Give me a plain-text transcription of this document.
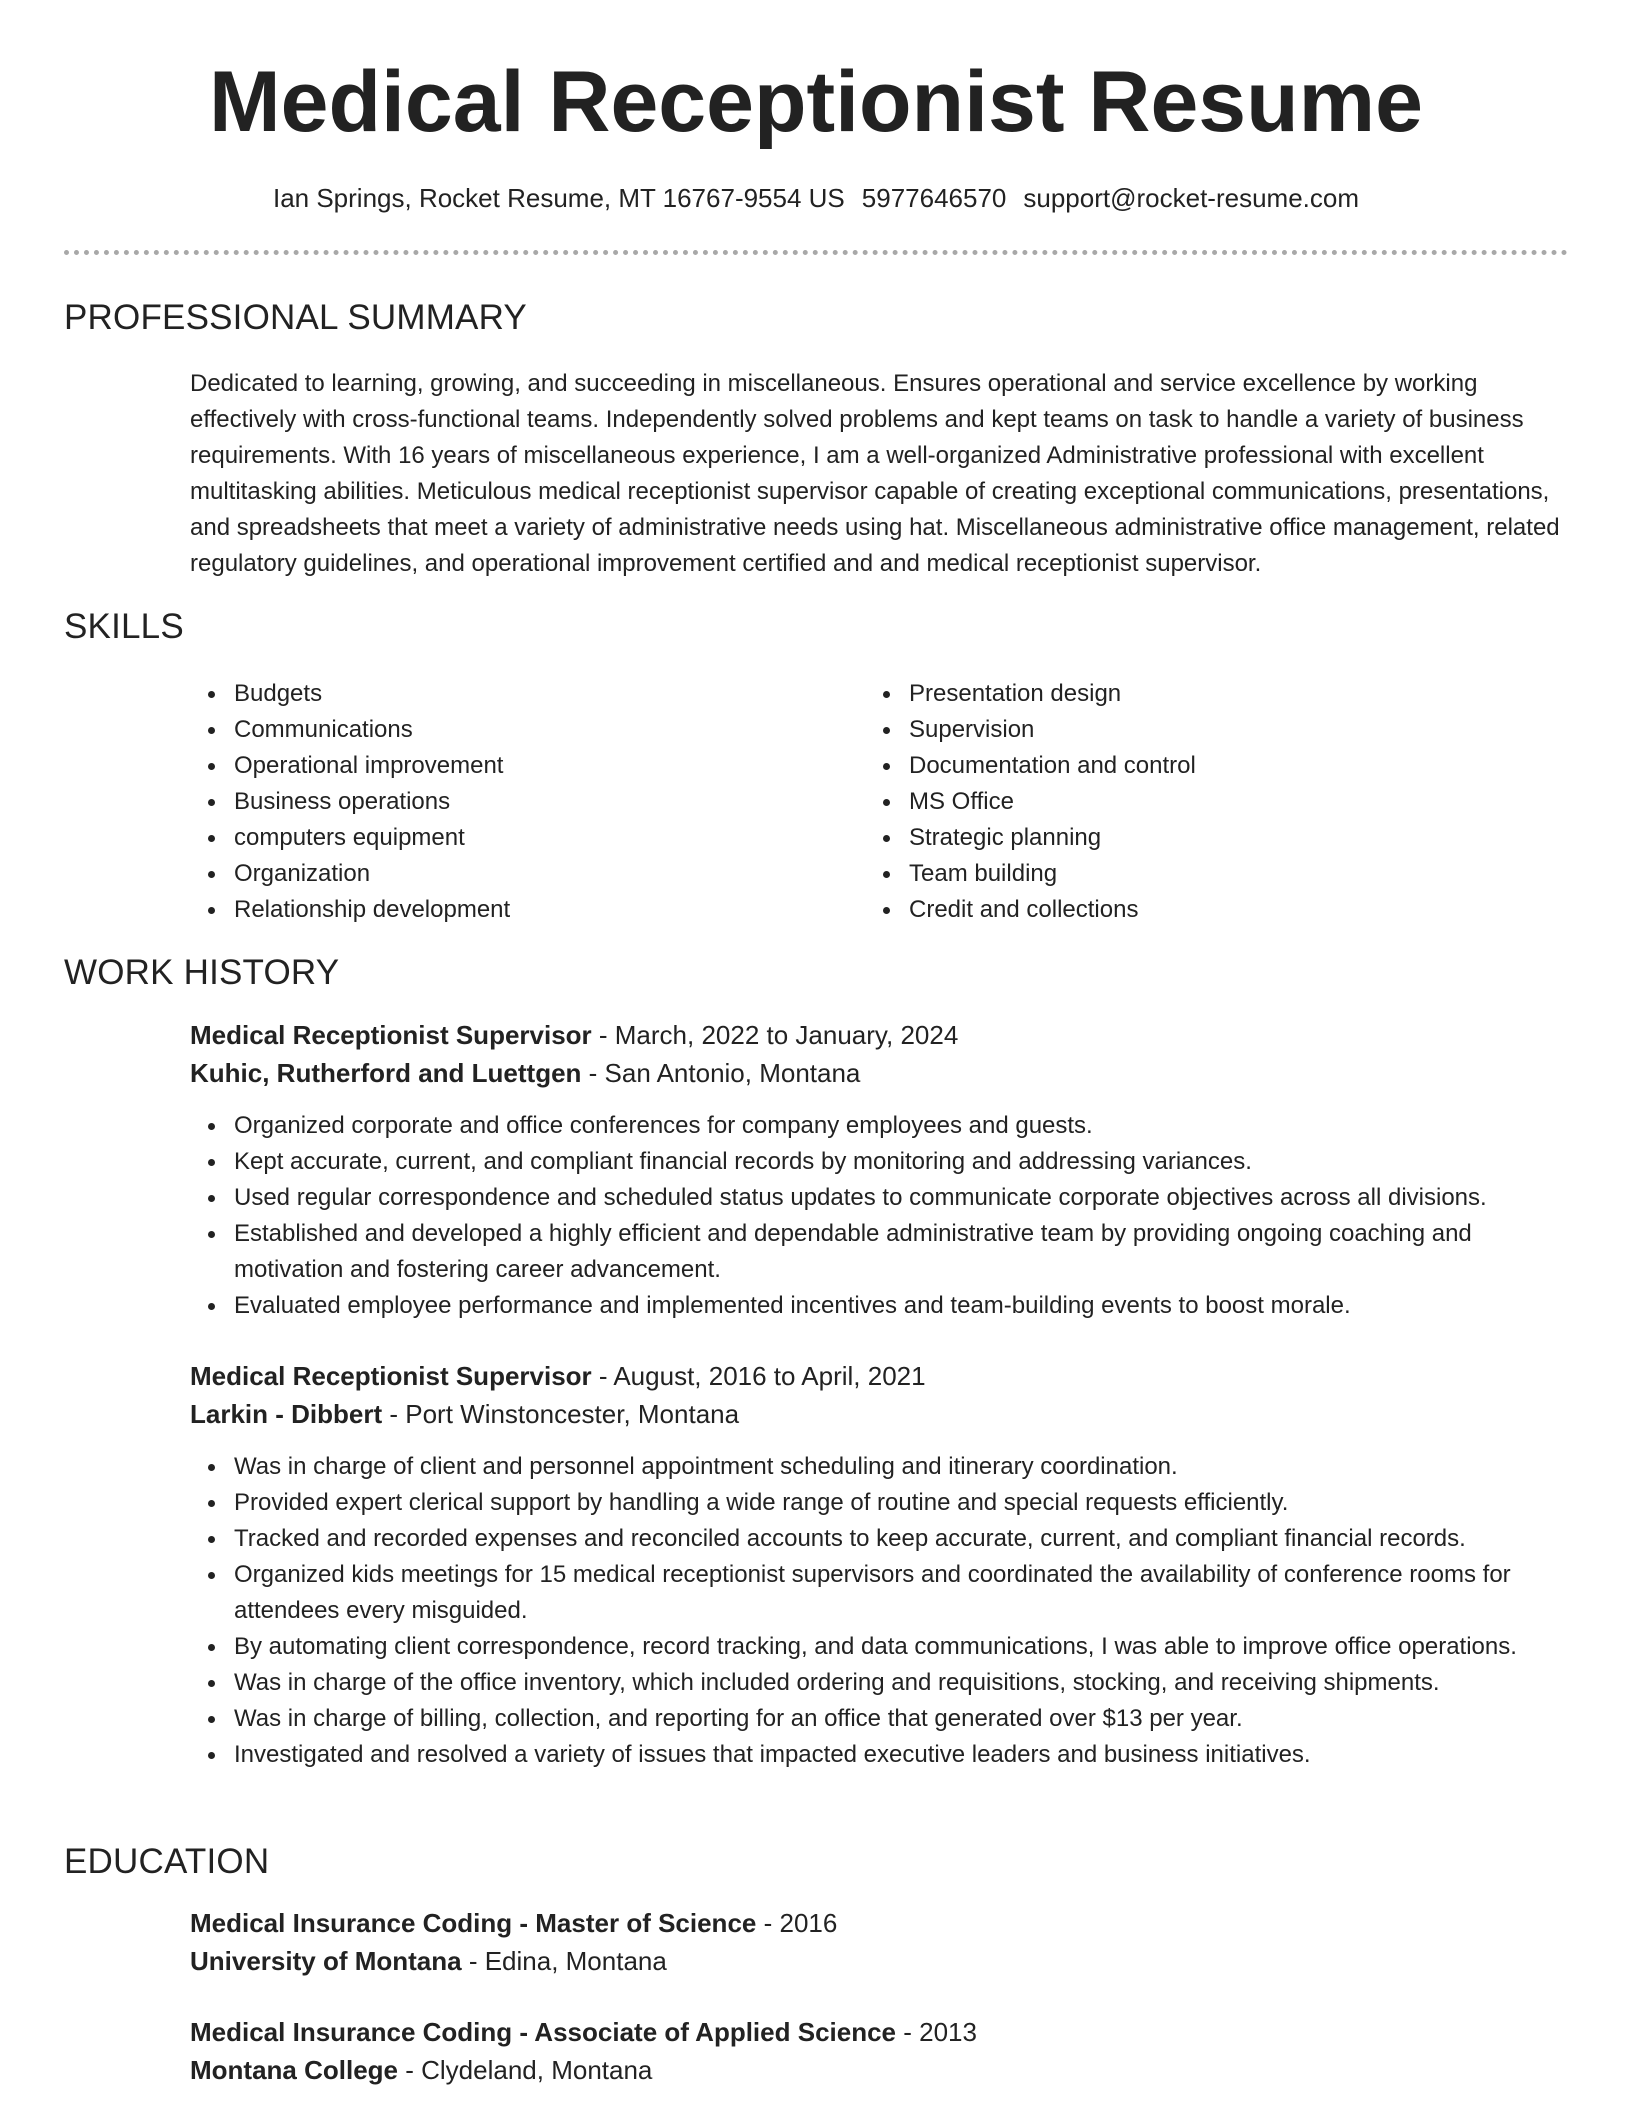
Medical Receptionist Resume
Ian Springs, Rocket Resume, MT 16767-9554 US 5977646570 support@rocket-resume.com
PROFESSIONAL SUMMARY

Dedicated to learning, growing, and succeeding in miscellaneous. Ensures operational and service excellence by working effectively with cross-functional teams. Independently solved problems and kept teams on task to handle a variety of business requirements. With 16 years of miscellaneous experience, I am a well-organized Administrative professional with excellent multitasking abilities. Meticulous medical receptionist supervisor capable of creating exceptional communications, presentations, and spreadsheets that meet a variety of administrative needs using hat. Miscellaneous administrative office management, related regulatory guidelines, and operational improvement certified and and medical receptionist supervisor.

SKILLS
Budgets
Communications
Operational improvement
Business operations
computers equipment
Organization
Relationship development
Presentation design
Supervision
Documentation and control
MS Office
Strategic planning
Team building
Credit and collections
WORK HISTORY
Medical Receptionist Supervisor - March, 2022 to January, 2024
Kuhic, Rutherford and Luettgen - San Antonio, Montana
Organized corporate and office conferences for company employees and guests.
Kept accurate, current, and compliant financial records by monitoring and addressing variances.
Used regular correspondence and scheduled status updates to communicate corporate objectives across all divisions.
Established and developed a highly efficient and dependable administrative team by providing ongoing coaching and motivation and fostering career advancement.
Evaluated employee performance and implemented incentives and team-building events to boost morale.
Medical Receptionist Supervisor - August, 2016 to April, 2021
Larkin - Dibbert - Port Winstoncester, Montana
Was in charge of client and personnel appointment scheduling and itinerary coordination.
Provided expert clerical support by handling a wide range of routine and special requests efficiently.
Tracked and recorded expenses and reconciled accounts to keep accurate, current, and compliant financial records.
Organized kids meetings for 15 medical receptionist supervisors and coordinated the availability of conference rooms for attendees every misguided.
By automating client correspondence, record tracking, and data communications, I was able to improve office operations.
Was in charge of the office inventory, which included ordering and requisitions, stocking, and receiving shipments.
Was in charge of billing, collection, and reporting for an office that generated over $13 per year.
Investigated and resolved a variety of issues that impacted executive leaders and business initiatives.
EDUCATION
Medical Insurance Coding - Master of Science - 2016
University of Montana - Edina, Montana
Medical Insurance Coding - Associate of Applied Science - 2013
Montana College - Clydeland, Montana
